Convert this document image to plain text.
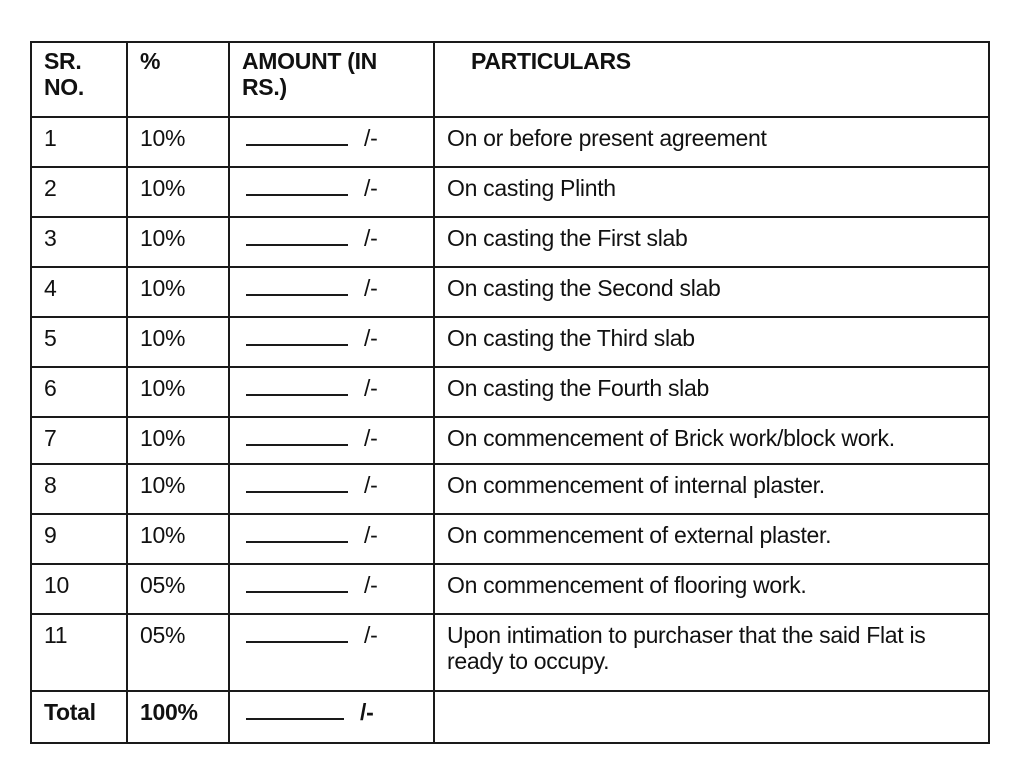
SR. NO.	%	AMOUNT (IN RS.)	PARTICULARS
1	10%	/-	On or before present agreement
2	10%	/-	On casting Plinth
3	10%	/-	On casting the First slab
4	10%	/-	On casting the Second slab
5	10%	/-	On casting the Third slab
6	10%	/-	On casting the Fourth slab
7	10%	/-	On commencement of Brick work/block work.
8	10%	/-	On commencement of internal plaster.
9	10%	/-	On commencement of external plaster.
10	05%	/-	On commencement of flooring work.
11	05%	/-	Upon intimation to purchaser that the said Flat is ready to occupy.
Total	100%	/-	
